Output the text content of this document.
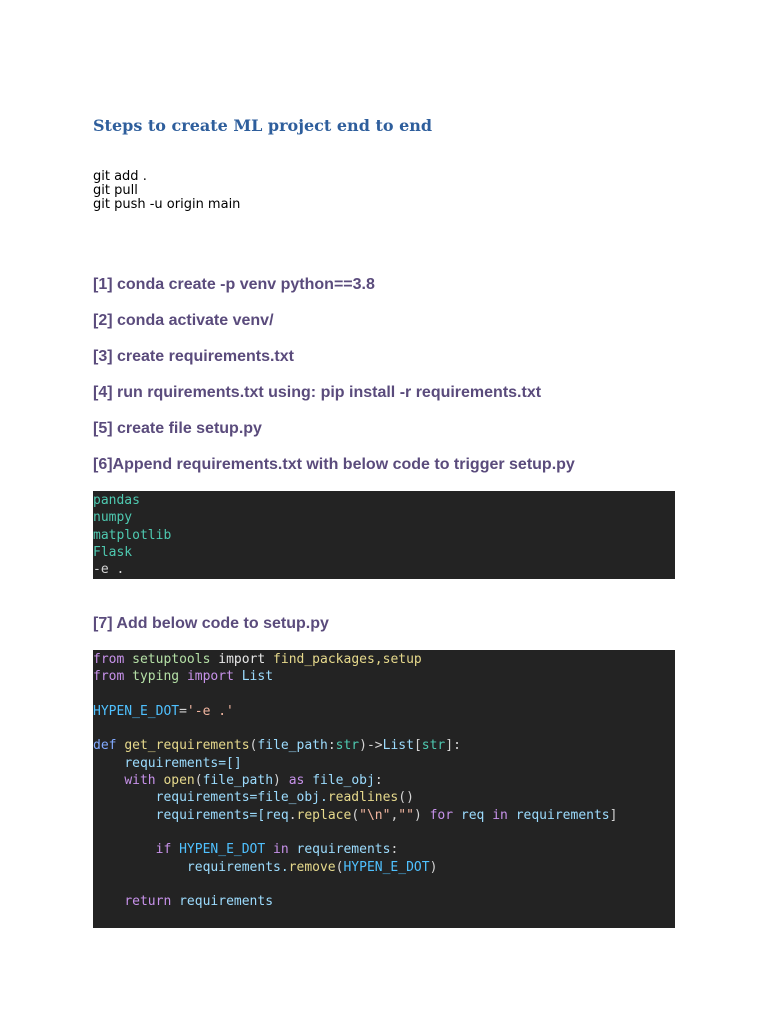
Steps to create ML project end to end
git add .
git pull
git push -u origin main
[1] conda create -p venv python==3.8
[2] conda activate venv/
[3] create requirements.txt
[4] run rquirements.txt using: pip install -r requirements.txt
[5] create file setup.py
[6]Append requirements.txt with below code to trigger setup.py
pandas
numpy
matplotlib
Flask
-e .
[7] Add below code to setup.py
from setuptools import find_packages,setup
from typing import List

HYPEN_E_DOT='-e .'

def get_requirements(file_path:str)->List[str]:
requirements=[]
with open(file_path) as file_obj:
requirements=file_obj.readlines()
requirements=[req.replace("\n","") for req in requirements]

if HYPEN_E_DOT in requirements:
requirements.remove(HYPEN_E_DOT)

return requirements
